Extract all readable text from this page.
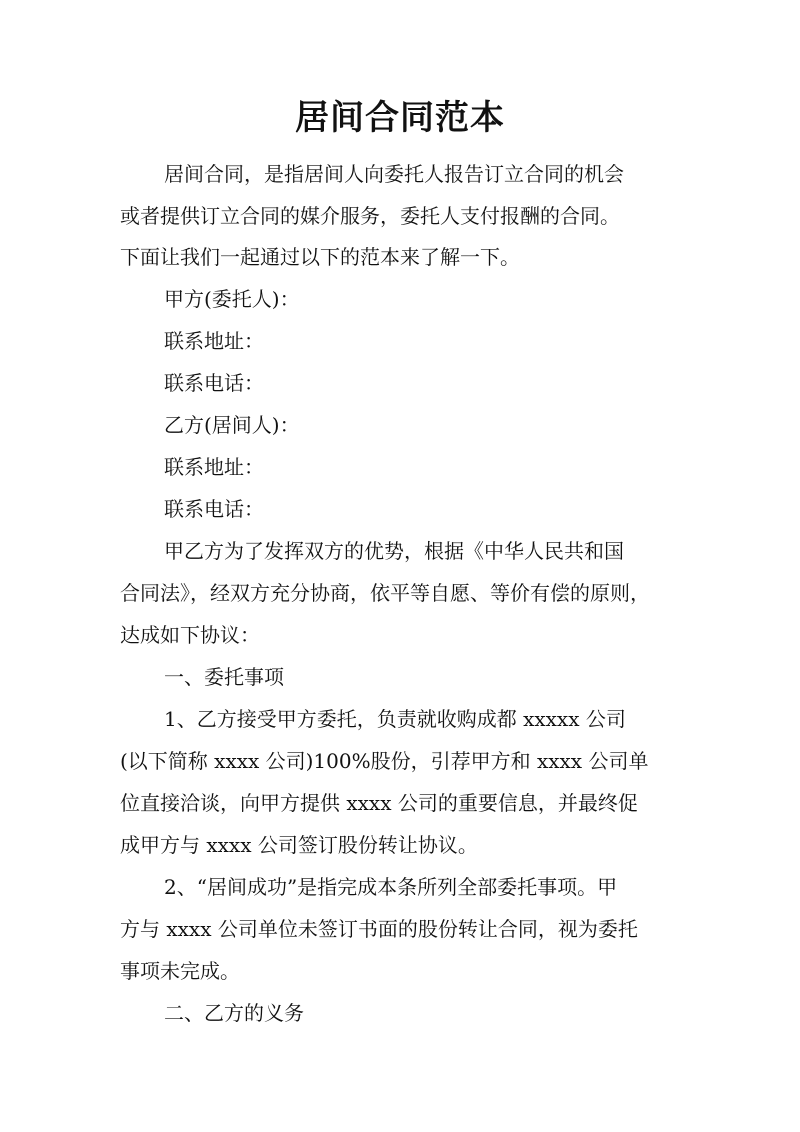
居间合同范本
居间合同，是指居间人向委托人报告订立合同的机会
或者提供订立合同的媒介服务，委托人支付报酬的合同。
下面让我们一起通过以下的范本来了解一下。
甲方(委托人)：
联系地址：
联系电话：
乙方(居间人)：
联系地址：
联系电话：
甲乙方为了发挥双方的优势，根据《中华人民共和国
合同法》，经双方充分协商，依平等自愿、等价有偿的原则，
达成如下协议：
一、委托事项
1、乙方接受甲方委托，负责就收购成都 xxxxx 公司
(以下简称 xxxx 公司)100%股份，引荐甲方和 xxxx 公司单
位直接洽谈，向甲方提供 xxxx 公司的重要信息，并最终促
成甲方与 xxxx 公司签订股份转让协议。
2、“居间成功”是指完成本条所列全部委托事项。甲
方与 xxxx 公司单位未签订书面的股份转让合同，视为委托
事项未完成。
二、乙方的义务
